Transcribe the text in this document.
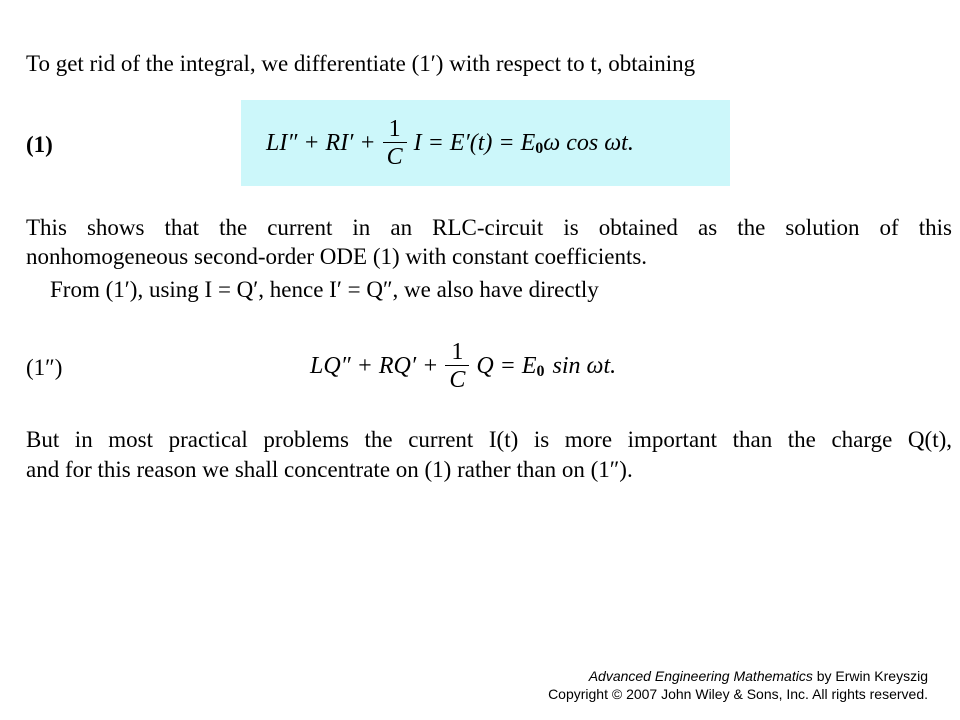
To get rid of the integral, we differentiate (1′) with respect to t, obtaining
(1)	$LI'' + RI' + \frac{1}{C}$ I = E′(t) = E 0 ω cos ωt.
This shows that the current in an RLC-circuit is obtained as the solution of this
nonhomogeneous second-order ODE (1) with constant coefficients.
From (1′), using I = Q′, hence I′ = Q″, we also have directly
(1″)	$LQ'' + RQ' + \frac{1}{C}$ Q = E 0 sin ωt.
But in most practical problems the current I(t) is more important than the charge Q(t),
and for this reason we shall concentrate on (1) rather than on (1″).
Advanced Engineering Mathematics by Erwin Kreyszig
Copyright © 2007 John Wiley & Sons, Inc. All rights reserved.
